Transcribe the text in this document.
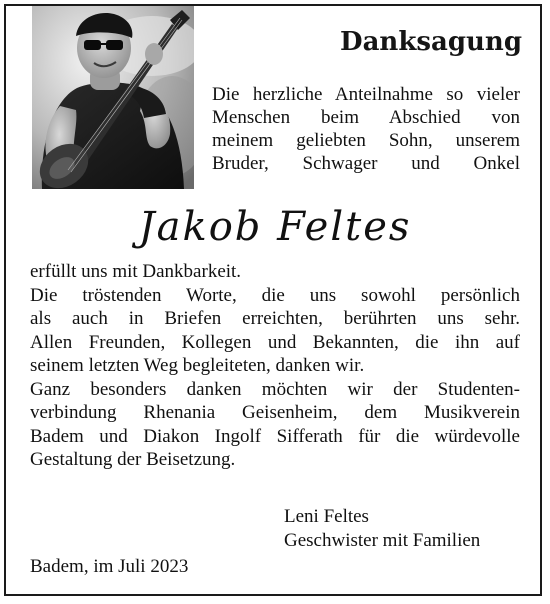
Danksagung
Die herzliche Anteilnahme so vieler
Menschen beim Abschied von
meinem geliebten Sohn, unserem
Bruder, Schwager und Onkel
Jakob Feltes
erfüllt uns mit Dankbarkeit.
Die tröstenden Worte, die uns sowohl persönlich
als auch in Briefen erreichten, berührten uns sehr.
Allen Freunden, Kollegen und Bekannten, die ihn auf
seinem letzten Weg begleiteten, danken wir.
Ganz besonders danken möchten wir der Studenten-
verbindung Rhenania Geisenheim, dem Musikverein
Badem und Diakon Ingolf Sifferath für die würdevolle
Gestaltung der Beisetzung.
Leni Feltes
Geschwister mit Familien
Badem, im Juli 2023
